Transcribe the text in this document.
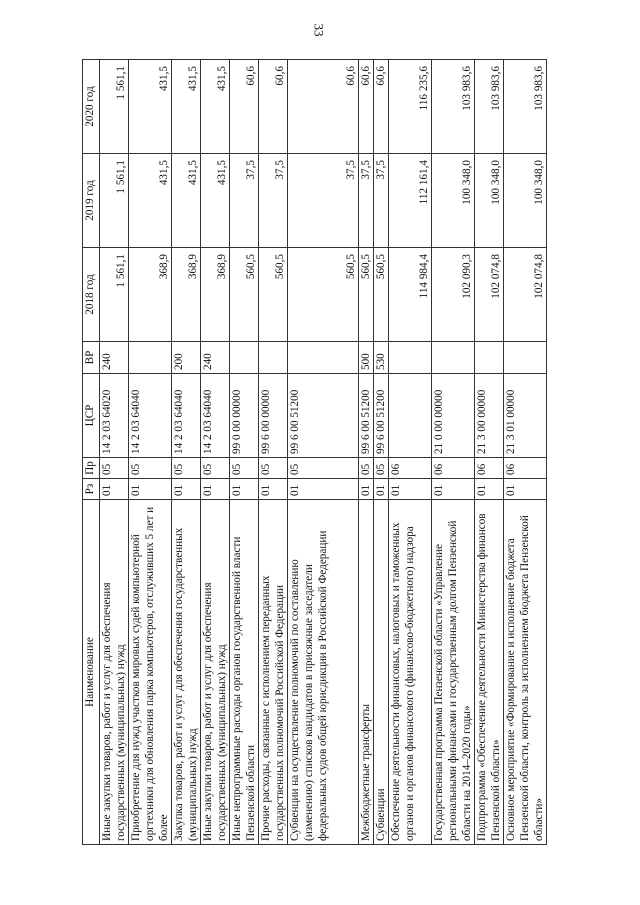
33
Наименование	Рз	Пр	ЦСР	ВР	2018 год	2019 год	2020 год
Иные закупки товаров, работ и услуг для обеспечения государственных (муниципальных) нужд	01	05	14 2 03 64020	240	1 561,1	1 561,1	1 561,1
Приобретение для нужд участков мировых судей компьютерной оргтехники для обновления парка компьютеров, отслуживших 5 лет и более	01	05	14 2 03 64040		368,9	431,5	431,5
Закупка товаров, работ и услуг для обеспечения государственных (муниципальных) нужд	01	05	14 2 03 64040	200	368,9	431,5	431,5
Иные закупки товаров, работ и услуг для обеспечения государственных (муниципальных) нужд	01	05	14 2 03 64040	240	368,9	431,5	431,5
Иные непрограммные расходы органов государственной власти Пензенской области	01	05	99 0 00 00000		560,5	37,5	60,6
Прочие расходы, связанные с исполнением переданных государственных полномочий Российской Федерации	01	05	99 6 00 00000		560,5	37,5	60,6
Субвенции на осуществление полномочий по составлению (изменению) списков кандидатов в присяжные заседатели федеральных судов общей юрисдикции в Российской Федерации	01	05	99 6 00 51200		560,5	37,5	60,6
Межбюджетные трансферты	01	05	99 6 00 51200	500	560,5	37,5	60,6
Субвенции	01	05	99 6 00 51200	530	560,5	37,5	60,6
Обеспечение деятельности финансовых, налоговых и таможенных органов и органов финансового (финансово-бюджетного) надзора	01	06			114 984,4	112 161,4	116 235,6
Государственная программа Пензенской области «Управление региональными финансами и государственным долгом Пензенской области на 2014–2020 годы»	01	06	21 0 00 00000		102 090,3	100 348,0	103 983,6
Подпрограмма «Обеспечение деятельности Министерства финансов Пензенской области»	01	06	21 3 00 00000		102 074,8	100 348,0	103 983,6
Основное мероприятие «Формирование и исполнение бюджета Пензенской области, контроль за исполнением бюджета Пензенской области»	01	06	21 3 01 00000		102 074,8	100 348,0	103 983,6
